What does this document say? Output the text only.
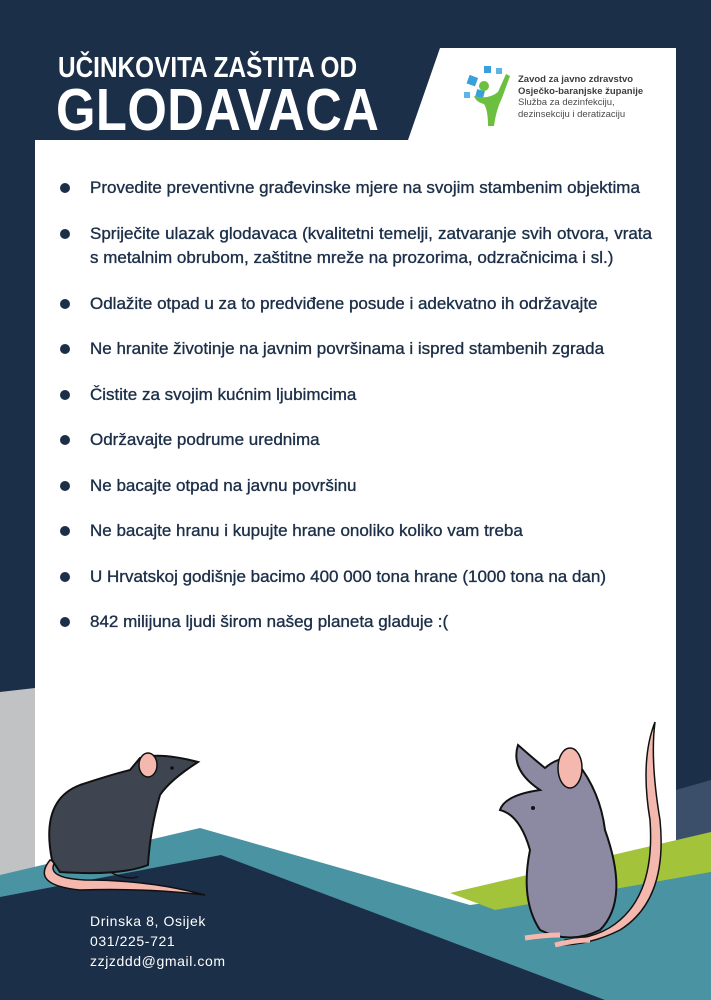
UČINKOVITA ZAŠTITA OD
GLODAVACA	Zavod za javno zdravstvo
Osječko-baranjske županije
Služba za dezinfekciju,
dezinsekciju i deratizaciju
Provedite preventivne građevinske mjere na svojim stambenim objektima
Spriječite ulazak glodavaca (kvalitetni temelji, zatvaranje svih otvora, vrata s metalnim obrubom, zaštitne mreže na prozorima, odzračnicima i sl.)
Odlažite otpad u za to predviđene posude i adekvatno ih održavajte
Ne hranite životinje na javnim površinama i ispred stambenih zgrada
Čistite za svojim kućnim ljubimcima
Održavajte podrume urednima
Ne bacajte otpad na javnu površinu
Ne bacajte hranu i kupujte hrane onoliko koliko vam treba
U Hrvatskoj godišnje bacimo 400 000 tona hrane (1000 tona na dan)
842 milijuna ljudi širom našeg planeta gladuje :(
Drinska 8, Osijek
031/225-721
zzjzddd@gmail.com
